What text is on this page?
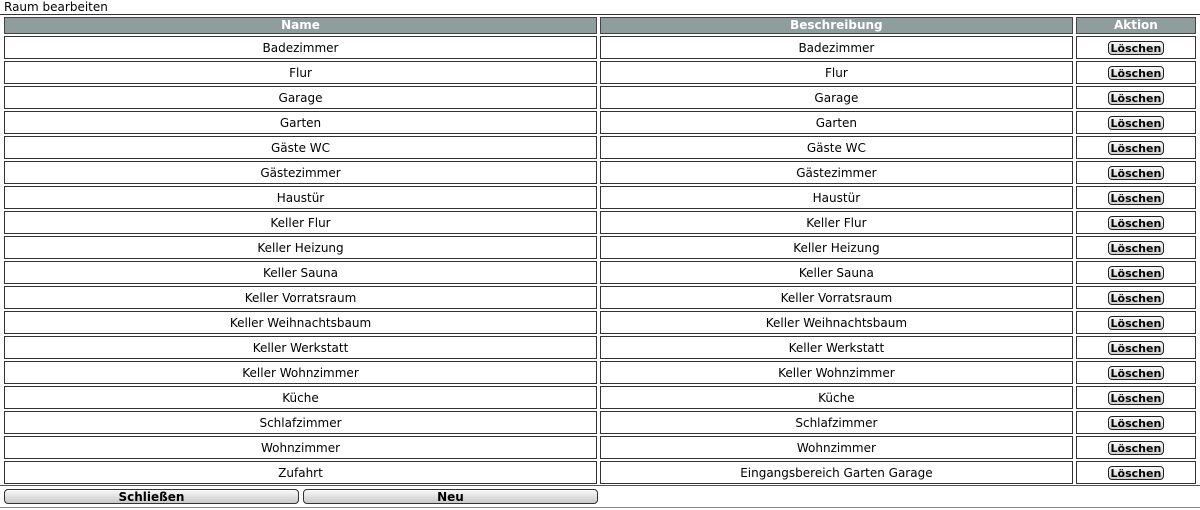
Raum bearbeiten
Name	Beschreibung	Aktion
Badezimmer	Badezimmer	Löschen
Flur	Flur	Löschen
Garage	Garage	Löschen
Garten	Garten	Löschen
Gäste WC	Gäste WC	Löschen
Gästezimmer	Gästezimmer	Löschen
Haustür	Haustür	Löschen
Keller Flur	Keller Flur	Löschen
Keller Heizung	Keller Heizung	Löschen
Keller Sauna	Keller Sauna	Löschen
Keller Vorratsraum	Keller Vorratsraum	Löschen
Keller Weihnachtsbaum	Keller Weihnachtsbaum	Löschen
Keller Werkstatt	Keller Werkstatt	Löschen
Keller Wohnzimmer	Keller Wohnzimmer	Löschen
Küche	Küche	Löschen
Schlafzimmer	Schlafzimmer	Löschen
Wohnzimmer	Wohnzimmer	Löschen
Zufahrt	Eingangsbereich Garten Garage	Löschen
Schließen	Neu
